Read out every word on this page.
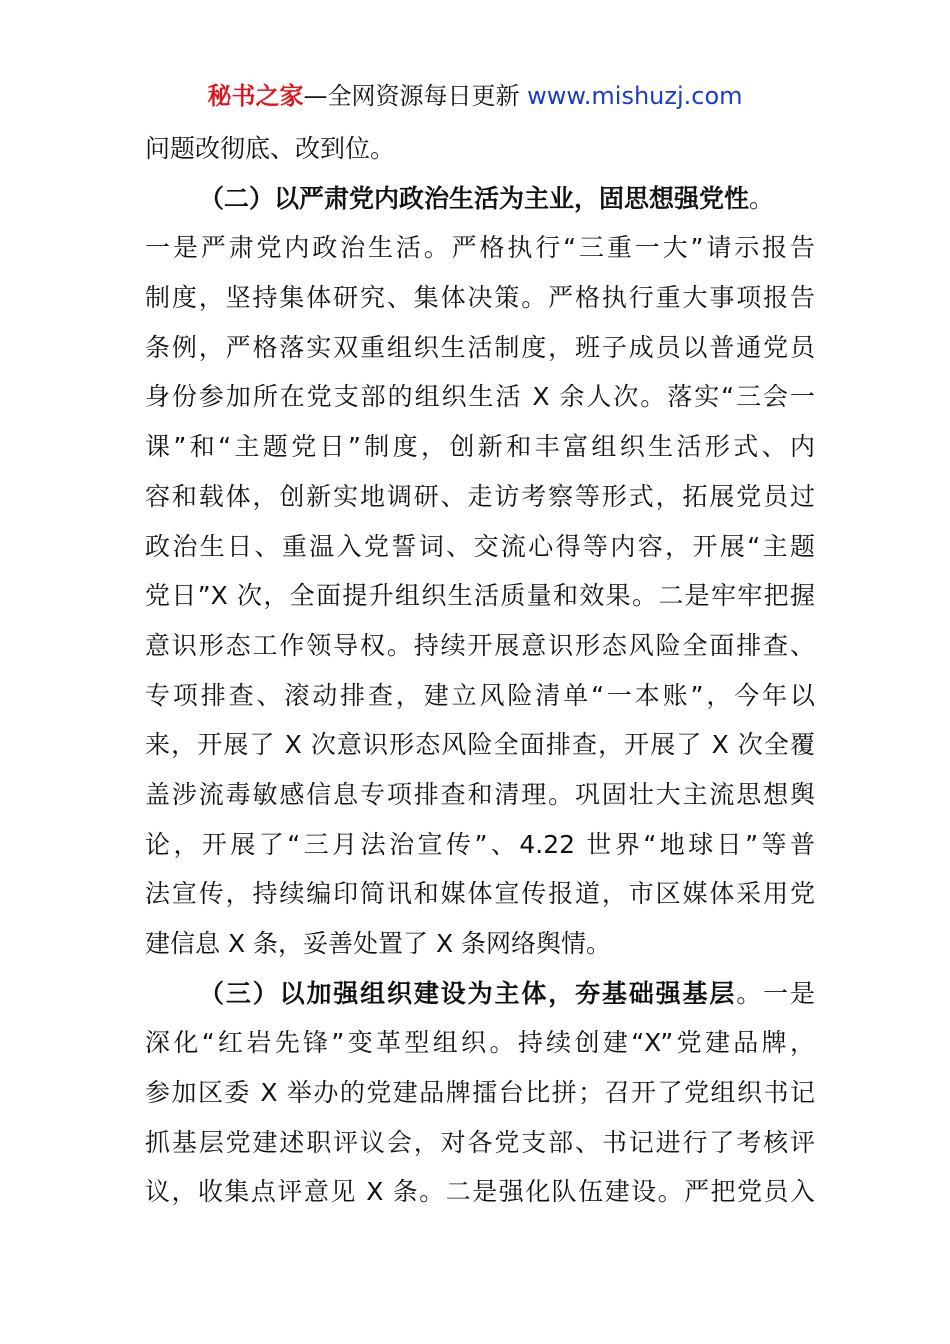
秘书之家—全网资源每日更新 www.mishuzj.com
问题改彻底、改到位。
（二）以严肃党内政治生活为主业，固思想强党性。
一是严肃党内政治生活。严格执行“三重一大”请示报告
制度，坚持集体研究、集体决策。严格执行重大事项报告
条例，严格落实双重组织生活制度，班子成员以普通党员
身份参加所在党支部的组织生活 X 余人次。落实“三会一
课”和“主题党日”制度，创新和丰富组织生活形式、内
容和载体，创新实地调研、走访考察等形式，拓展党员过
政治生日、重温入党誓词、交流心得等内容，开展“主题
党日”X 次，全面提升组织生活质量和效果。二是牢牢把握
意识形态工作领导权。持续开展意识形态风险全面排查、
专项排查、滚动排查，建立风险清单“一本账”，今年以
来，开展了 X 次意识形态风险全面排查，开展了 X 次全覆
盖涉流毒敏感信息专项排查和清理。巩固壮大主流思想舆
论，开展了“三月法治宣传”、4.22 世界“地球日”等普
法宣传，持续编印简讯和媒体宣传报道，市区媒体采用党
建信息 X 条，妥善处置了 X 条网络舆情。
（三）以加强组织建设为主体，夯基础强基层。一是
深化“红岩先锋”变革型组织。持续创建“X”党建品牌，
参加区委 X 举办的党建品牌擂台比拼；召开了党组织书记
抓基层党建述职评议会，对各党支部、书记进行了考核评
议，收集点评意见 X 条。二是强化队伍建设。严把党员入
